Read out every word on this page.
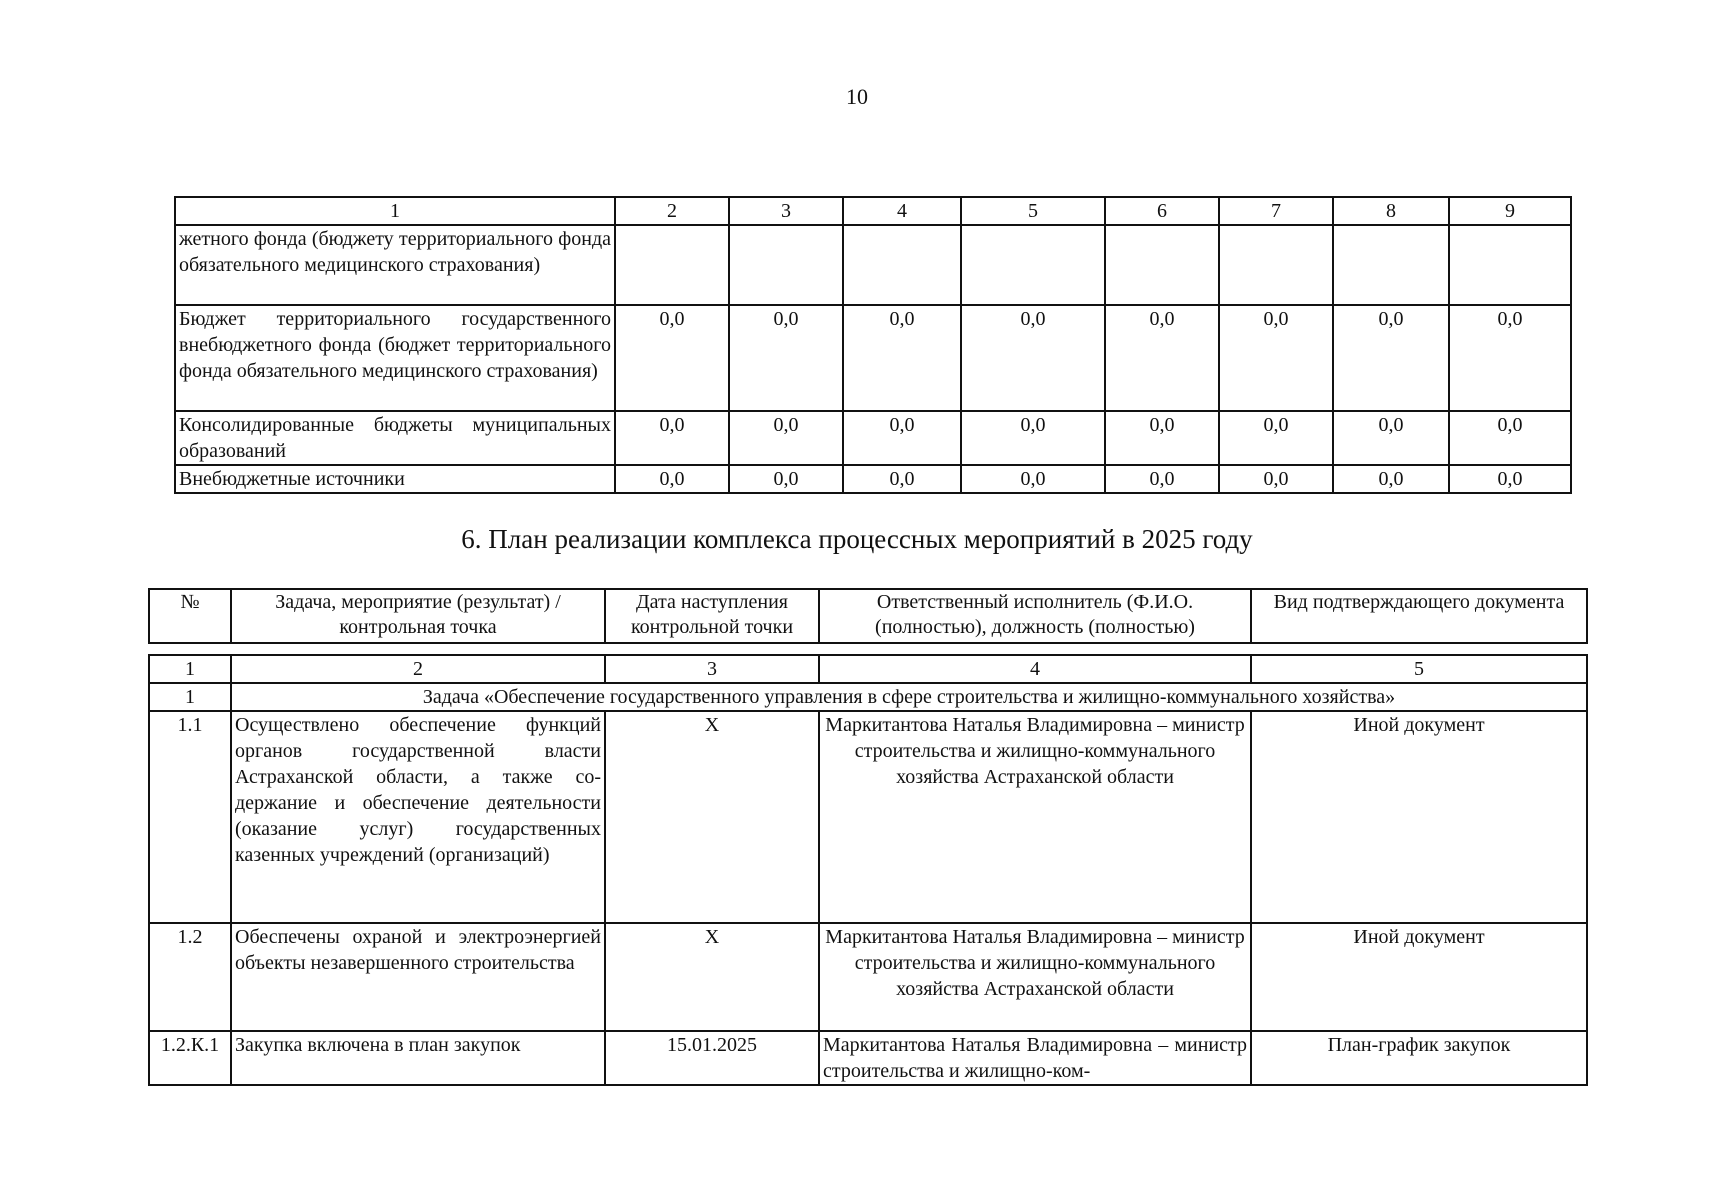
10
1	2	3	4	5	6	7	8	9
жетного фонда (бюджету территориального фонда обязательного медицинского страхования)								
Бюджет территориального государственного внебюджетного фонда (бюджет территориального фонда обязательного медицинского страхования)	0,0	0,0	0,0	0,0	0,0	0,0	0,0	0,0
Консолидированные бюджеты муниципальных образований	0,0	0,0	0,0	0,0	0,0	0,0	0,0	0,0
Внебюджетные источники	0,0	0,0	0,0	0,0	0,0	0,0	0,0	0,0
6. План реализации комплекса процессных мероприятий в 2025 году
№	Задача, мероприятие (результат) / контрольная точка	Дата наступления контрольной точки	Ответственный исполнитель (Ф.И.О. (полностью), должность (полностью)	Вид подтверждающего документа
1	2	3	4	5
1	Задача «Обеспечение государственного управления в сфере строительства и жилищно-коммунального хозяйства»			
1.1	Осуществлено обеспечение функций органов государственной власти Астраханской области, а также содержание и обеспечение деятельности (оказание услуг) государственных казенных учреждений (организаций)	X	Маркитантова Наталья Владимировна – министр строительства и жилищно-коммунального хозяйства Астраханской области	Иной документ
1.2	Обеспечены охраной и электроэнергией объекты незавершенного строительства	X	Маркитантова Наталья Владимировна – министр строительства и жилищно-коммунального хозяйства Астраханской области	Иной документ
1.2.К.1	Закупка включена в план закупок	15.01.2025	Маркитантова Наталья Владимировна – министр строительства и жилищно-ком-	План-график закупок
